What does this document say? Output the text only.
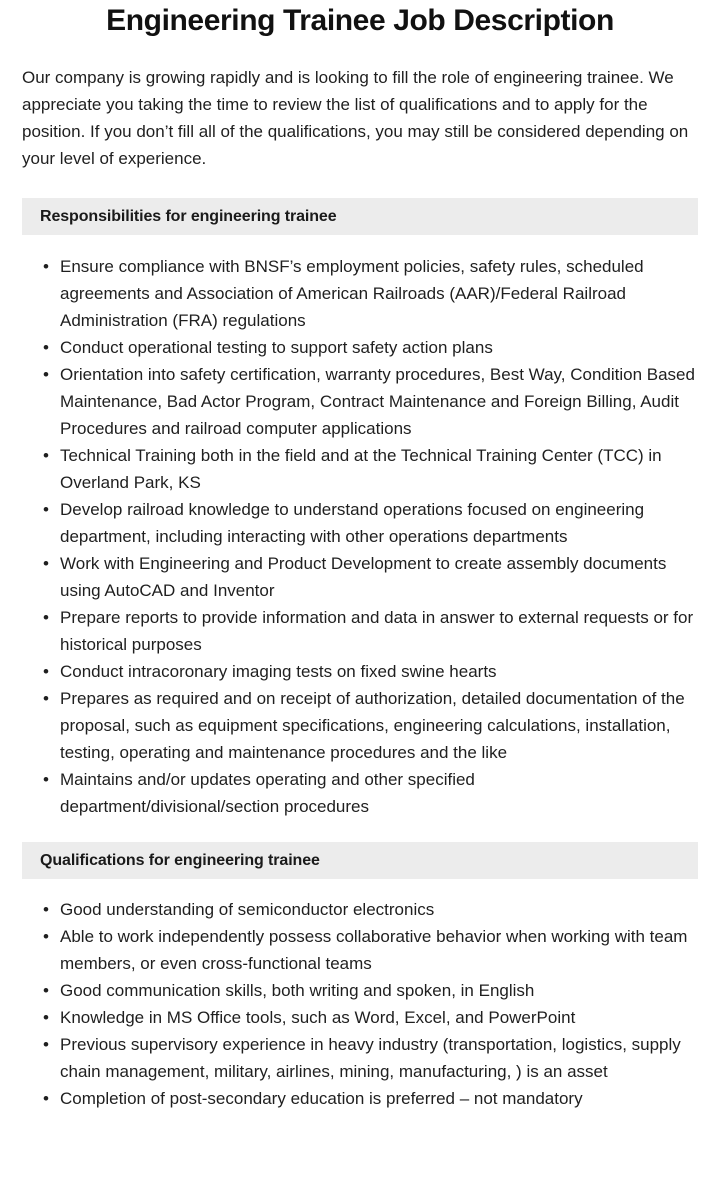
Engineering Trainee Job Description

Our company is growing rapidly and is looking to fill the role of engineering trainee. We appreciate you taking the time to review the list of qualifications and to apply for the position. If you don’t fill all of the qualifications, you may still be considered depending on your level of experience.

Responsibilities for engineering trainee
• Ensure compliance with BNSF’s employment policies, safety rules, scheduled agreements and Association of American Railroads (AAR)/Federal Railroad Administration (FRA) regulations
• Conduct operational testing to support safety action plans
• Orientation into safety certification, warranty procedures, Best Way, Condition Based Maintenance, Bad Actor Program, Contract Maintenance and Foreign Billing, Audit Procedures and railroad computer applications
• Technical Training both in the field and at the Technical Training Center (TCC) in Overland Park, KS
• Develop railroad knowledge to understand operations focused on engineering department, including interacting with other operations departments
• Work with Engineering and Product Development to create assembly documents using AutoCAD and Inventor
• Prepare reports to provide information and data in answer to external requests or for historical purposes
• Conduct intracoronary imaging tests on fixed swine hearts
• Prepares as required and on receipt of authorization, detailed documentation of the proposal, such as equipment specifications, engineering calculations, installation, testing, operating and maintenance procedures and the like
• Maintains and/or updates operating and other specified department/divisional/section procedures
Qualifications for engineering trainee
• Good understanding of semiconductor electronics
• Able to work independently possess collaborative behavior when working with team members, or even cross-functional teams
• Good communication skills, both writing and spoken, in English
• Knowledge in MS Office tools, such as Word, Excel, and PowerPoint
• Previous supervisory experience in heavy industry (transportation, logistics, supply chain management, military, airlines, mining, manufacturing, ) is an asset
• Completion of post-secondary education is preferred – not mandatory
